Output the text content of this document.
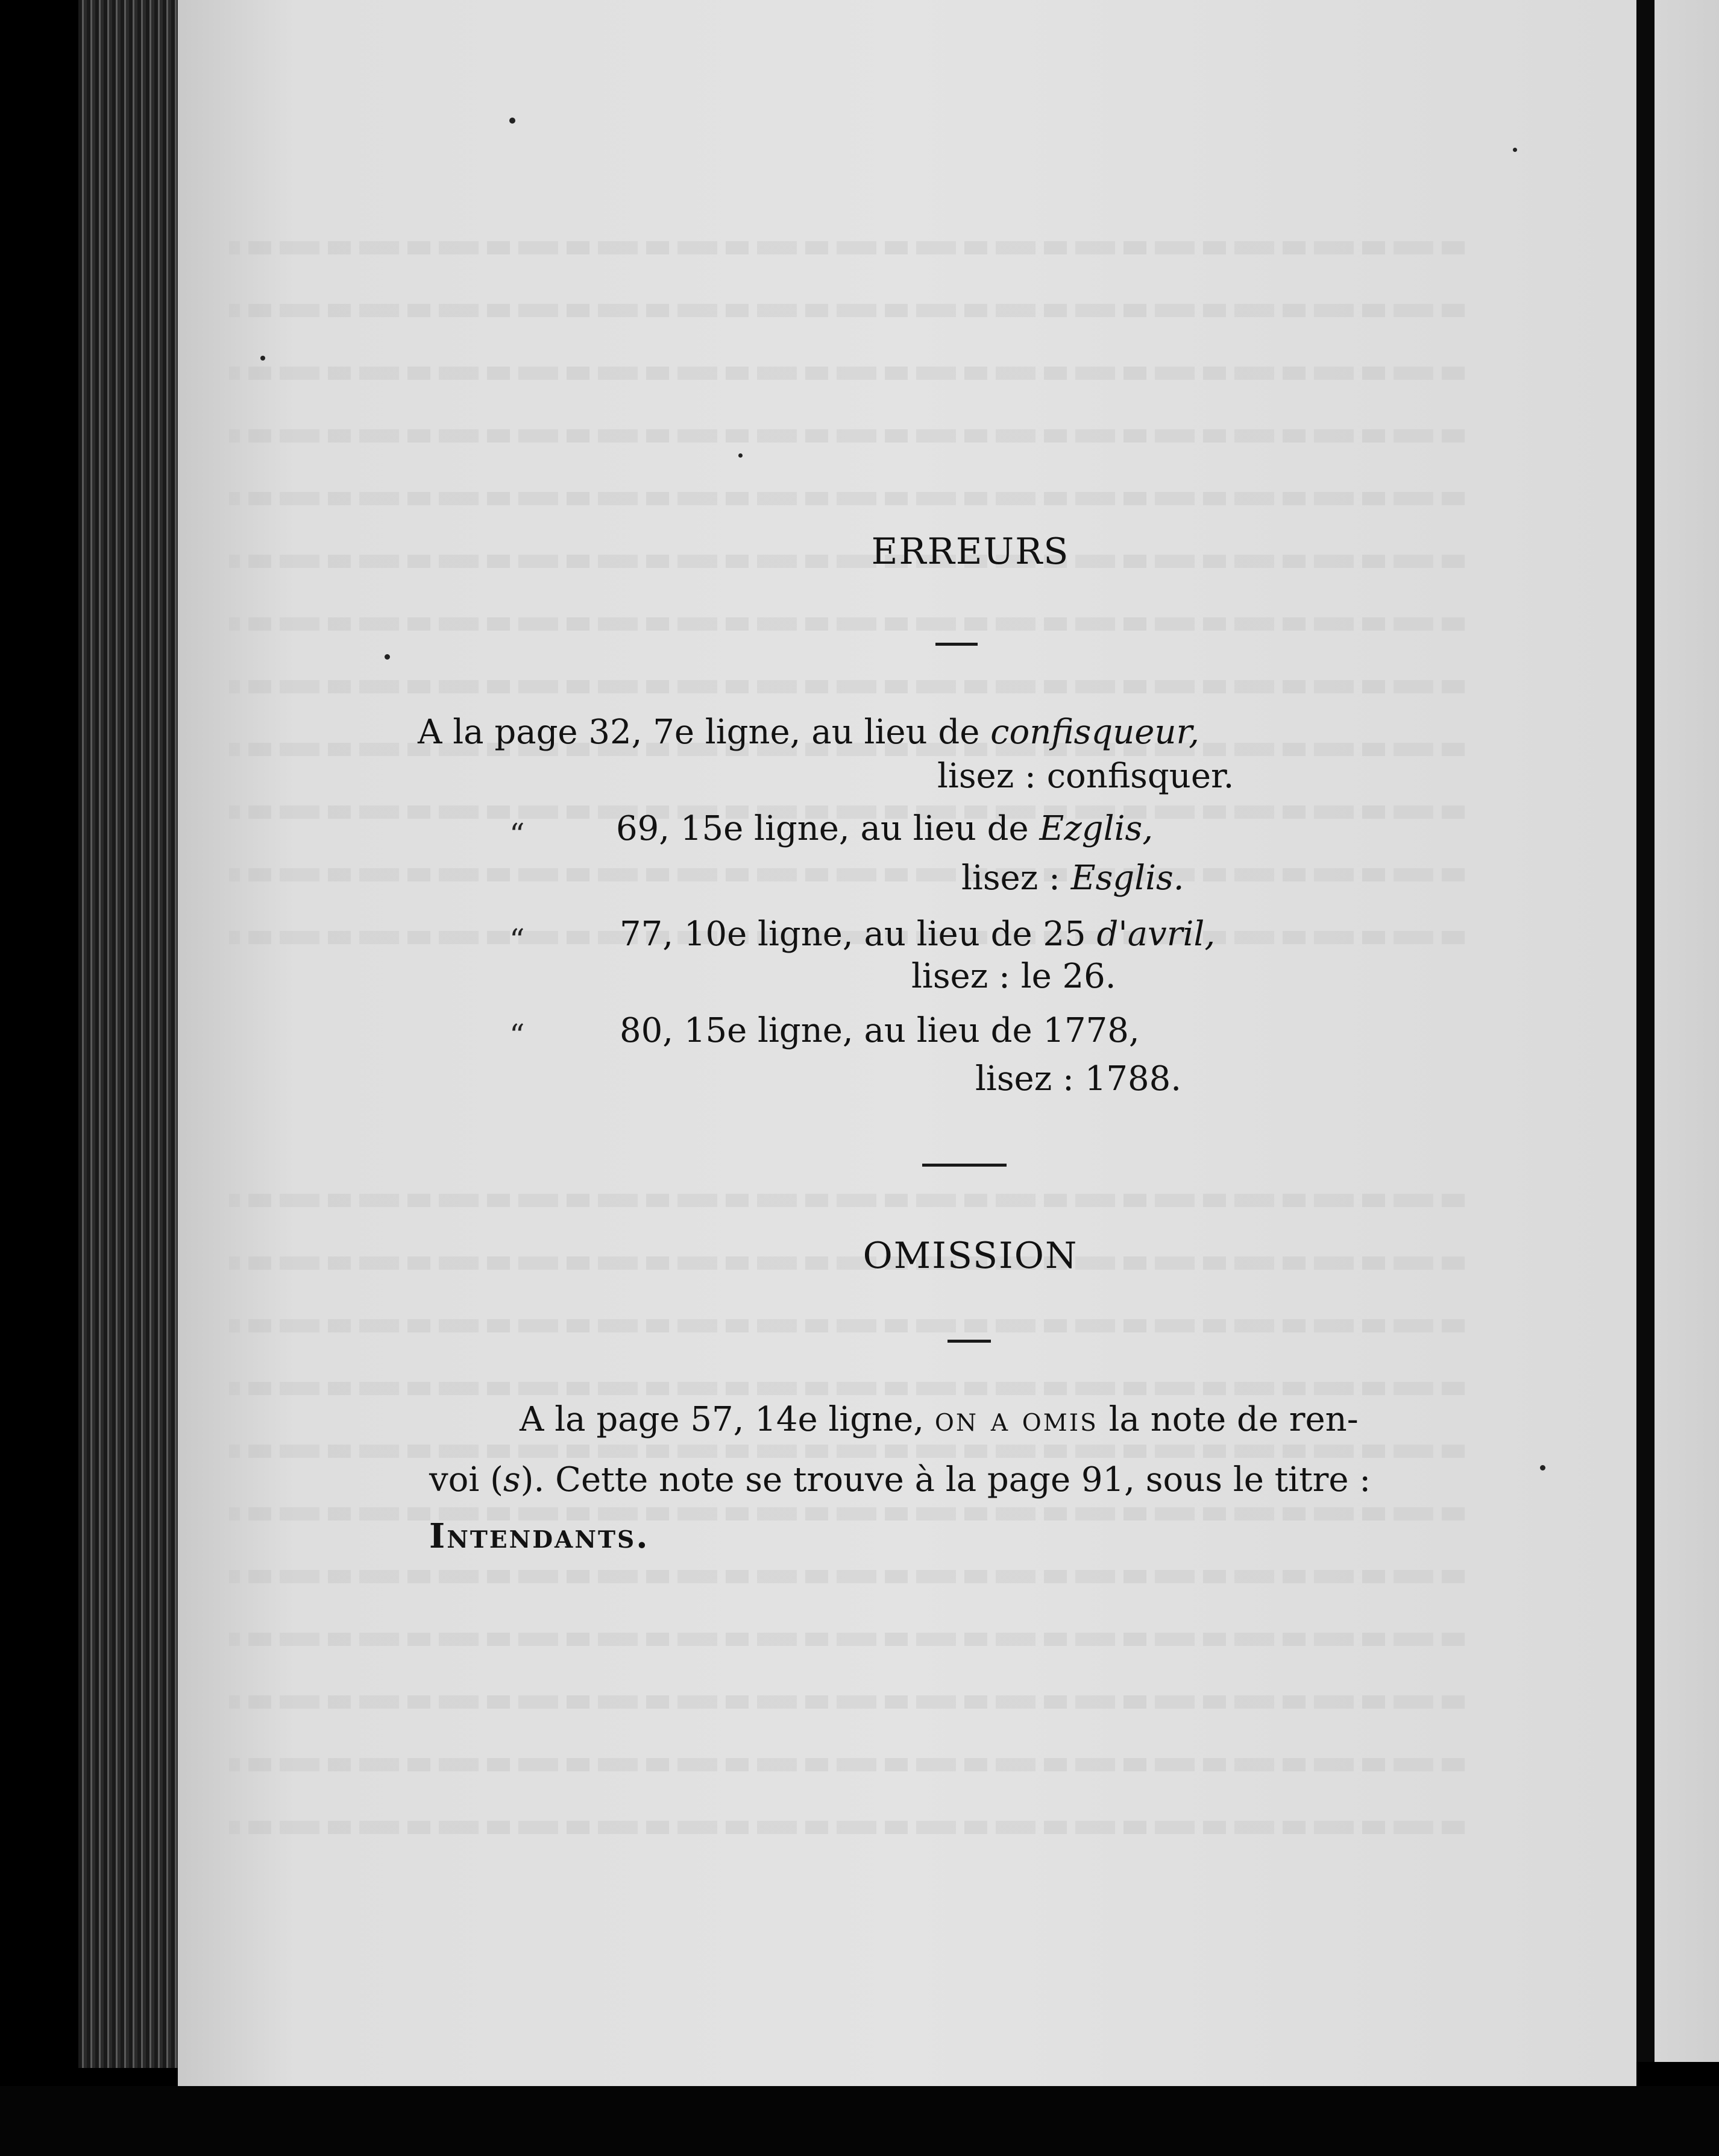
ERREURS
A la page 32, 7e ligne, au lieu de confisqueur,
lisez : confisquer.
“	69, 15e ligne, au lieu de Ezglis,
lisez : Esglis.
“	77, 10e ligne, au lieu de 25 d'avril,
lisez : le 26.
“	80, 15e ligne, au lieu de 1778,
lisez : 1788.
OMISSION
A la page 57, 14e ligne, on a omis la note de ren-
voi (s). Cette note se trouve à la page 91, sous le titre :
Intendants.
